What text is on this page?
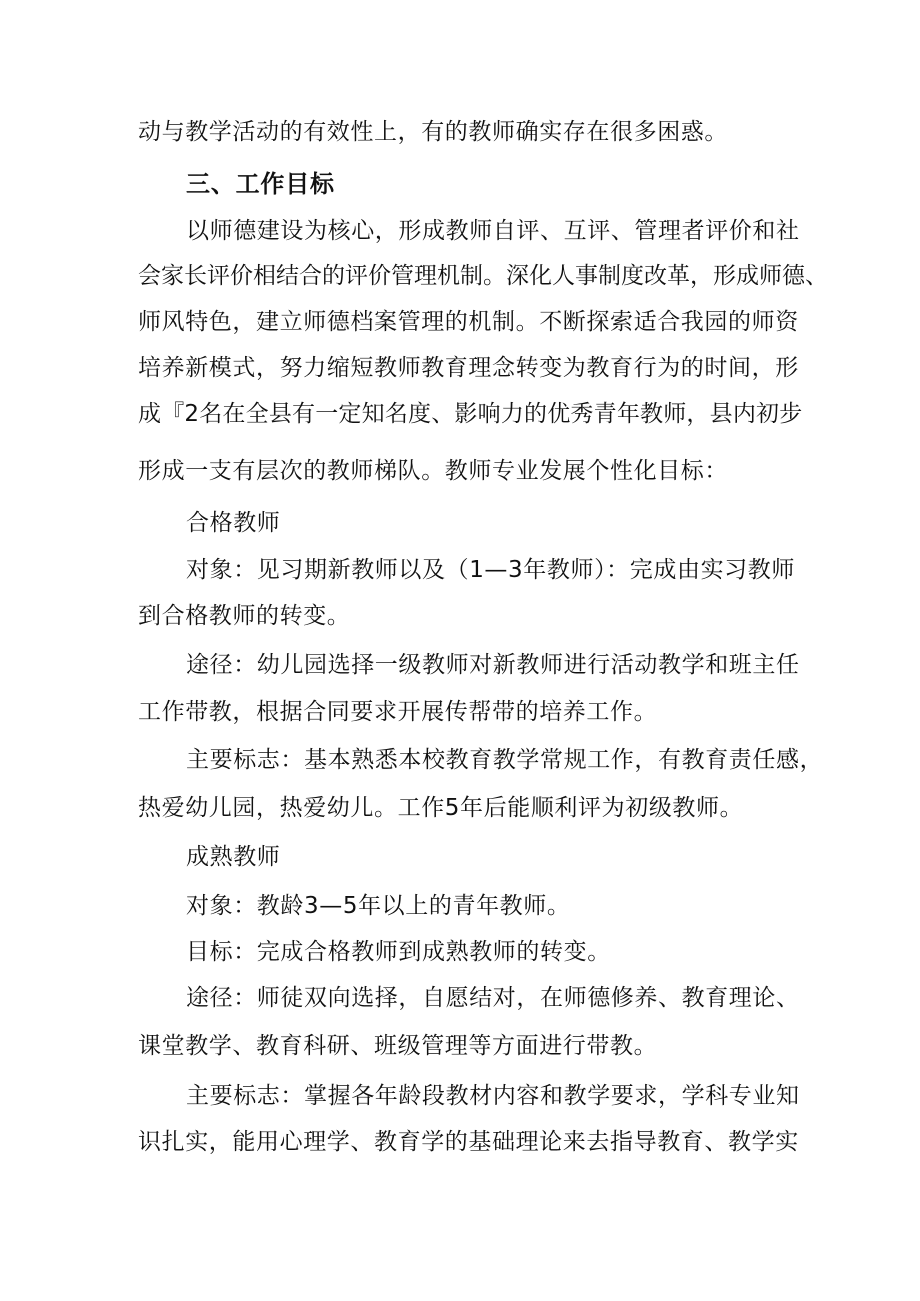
动与教学活动的有效性上，有的教师确实存在很多困惑。
三、工作目标
以师德建设为核心，形成教师自评、互评、管理者评价和社
会家长评价相结合的评价管理机制。深化人事制度改革，形成师德、
师风特色，建立师德档案管理的机制。不断探索适合我园的师资
培养新模式，努力缩短教师教育理念转变为教育行为的时间，形
成『2名在全县有一定知名度、影响力的优秀青年教师，县内初步
形成一支有层次的教师梯队。教师专业发展个性化目标：
合格教师
对象：见习期新教师以及（1—3年教师）：完成由实习教师
到合格教师的转变。
途径：幼儿园选择一级教师对新教师进行活动教学和班主任
工作带教，根据合同要求开展传帮带的培养工作。
主要标志：基本熟悉本校教育教学常规工作，有教育责任感，
热爱幼儿园，热爱幼儿。工作5年后能顺利评为初级教师。
成熟教师
对象：教龄3—5年以上的青年教师。
目标：完成合格教师到成熟教师的转变。
途径：师徒双向选择，自愿结对，在师德修养、教育理论、
课堂教学、教育科研、班级管理等方面进行带教。
主要标志：掌握各年龄段教材内容和教学要求，学科专业知
识扎实，能用心理学、教育学的基础理论来去指导教育、教学实
